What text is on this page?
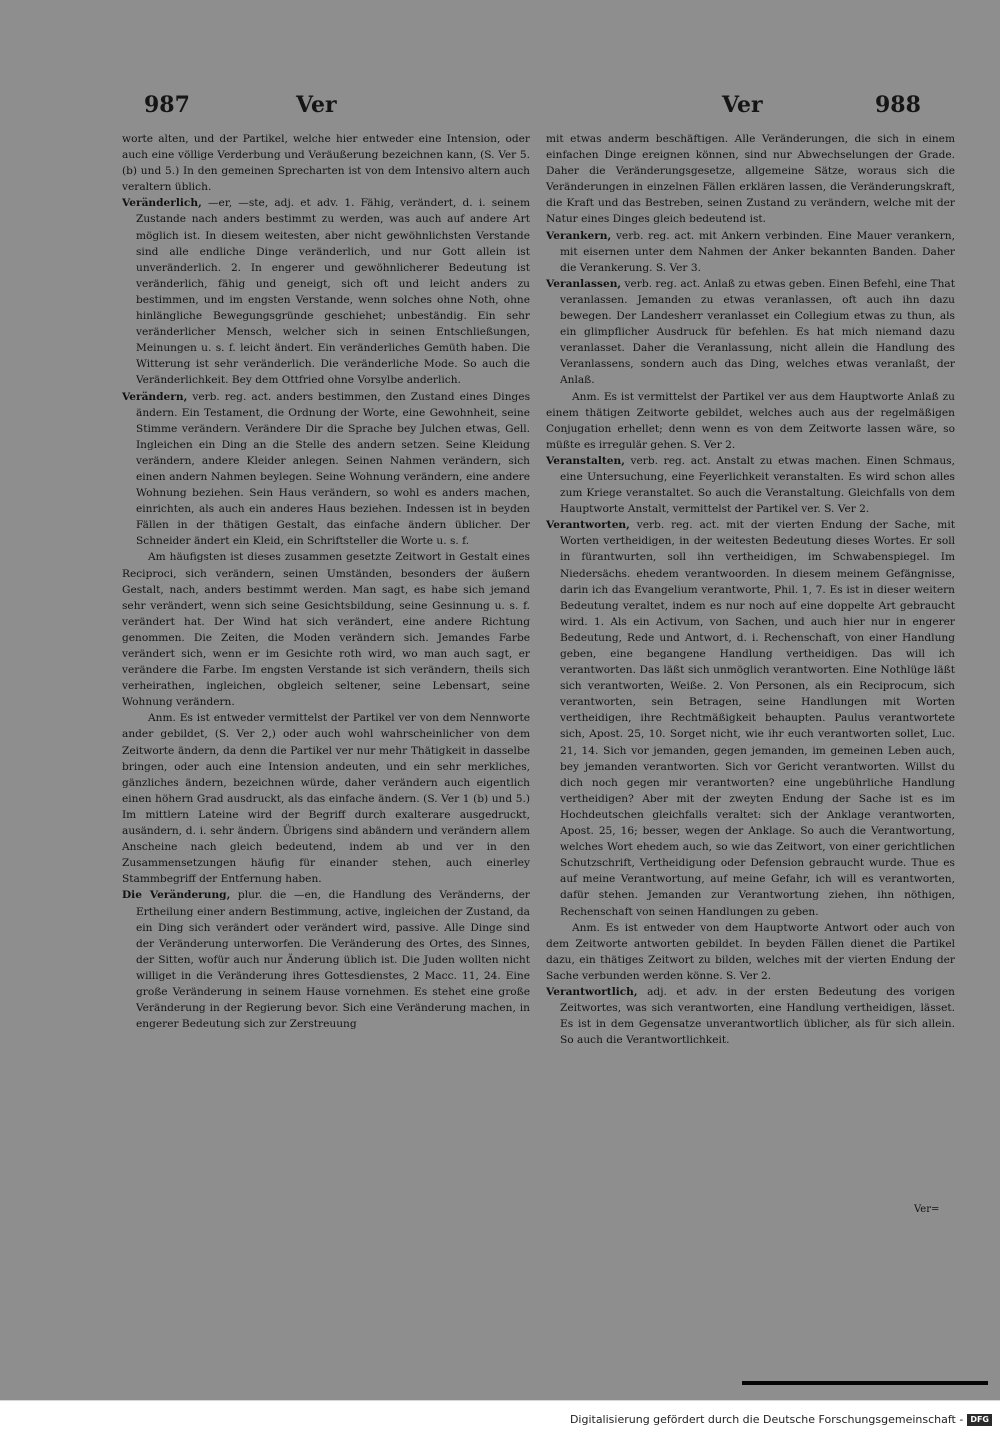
987	Ver	Ver	988

worte alten, und der Partikel, welche hier entweder eine Intension, oder auch eine völlige Verderbung und Veräußerung bezeichnen kann, (S. Ver 5. (b) und 5.) In den gemeinen Sprecharten ist von dem Intensivo altern auch veraltern üblich.

Veränderlich, —er, —ste, adj. et adv. 1. Fähig, verändert, d. i. seinem Zustande nach anders bestimmt zu werden, was auch auf andere Art möglich ist. In diesem weitesten, aber nicht gewöhnlichsten Verstande sind alle endliche Dinge veränderlich, und nur Gott allein ist unveränderlich. 2. In engerer und gewöhnlicherer Bedeutung ist veränderlich, fähig und geneigt, sich oft und leicht anders zu bestimmen, und im engsten Verstande, wenn solches ohne Noth, ohne hinlängliche Bewegungsgründe geschiehet; unbeständig. Ein sehr veränderlicher Mensch, welcher sich in seinen Entschließungen, Meinungen u. s. f. leicht ändert. Ein veränderliches Gemüth haben. Die Witterung ist sehr veränderlich. Die veränderliche Mode. So auch die Veränderlichkeit. Bey dem Ottfried ohne Vorsylbe anderlich.

Verändern, verb. reg. act. anders bestimmen, den Zustand eines Dinges ändern. Ein Testament, die Ordnung der Worte, eine Gewohnheit, seine Stimme verändern. Verändere Dir die Sprache bey Julchen etwas, Gell. Ingleichen ein Ding an die Stelle des andern setzen. Seine Kleidung verändern, andere Kleider anlegen. Seinen Nahmen verändern, sich einen andern Nahmen beylegen. Seine Wohnung verändern, eine andere Wohnung beziehen. Sein Haus verändern, so wohl es anders machen, einrichten, als auch ein anderes Haus beziehen. Indessen ist in beyden Fällen in der thätigen Gestalt, das einfache ändern üblicher. Der Schneider ändert ein Kleid, ein Schriftsteller die Worte u. s. f.

Am häufigsten ist dieses zusammen gesetzte Zeitwort in Gestalt eines Reciproci, sich verändern, seinen Umständen, besonders der äußern Gestalt, nach, anders bestimmt werden. Man sagt, es habe sich jemand sehr verändert, wenn sich seine Gesichtsbildung, seine Gesinnung u. s. f. verändert hat. Der Wind hat sich verändert, eine andere Richtung genommen. Die Zeiten, die Moden verändern sich. Jemandes Farbe verändert sich, wenn er im Gesichte roth wird, wo man auch sagt, er verändere die Farbe. Im engsten Verstande ist sich verändern, theils sich verheirathen, ingleichen, obgleich seltener, seine Lebensart, seine Wohnung verändern.

Anm. Es ist entweder vermittelst der Partikel ver von dem Nennworte ander gebildet, (S. Ver 2,) oder auch wohl wahrscheinlicher von dem Zeitworte ändern, da denn die Partikel ver nur mehr Thätigkeit in dasselbe bringen, oder auch eine Intension andeuten, und ein sehr merkliches, gänzliches ändern, bezeichnen würde, daher verändern auch eigentlich einen höhern Grad ausdruckt, als das einfache ändern. (S. Ver 1 (b) und 5.) Im mittlern Lateine wird der Begriff durch exalterare ausgedruckt, ausändern, d. i. sehr ändern. Übrigens sind abändern und verändern allem Anscheine nach gleich bedeutend, indem ab und ver in den Zusammensetzungen häufig für einander stehen, auch einerley Stammbegriff der Entfernung haben.

Die Veränderung, plur. die —en, die Handlung des Veränderns, der Ertheilung einer andern Bestimmung, active, ingleichen der Zustand, da ein Ding sich verändert oder verändert wird, passive. Alle Dinge sind der Veränderung unterworfen. Die Veränderung des Ortes, des Sinnes, der Sitten, wofür auch nur Änderung üblich ist. Die Juden wollten nicht williget in die Veränderung ihres Gottesdienstes, 2 Macc. 11, 24. Eine große Veränderung in seinem Hause vornehmen. Es stehet eine große Veränderung in der Regierung bevor. Sich eine Veränderung machen, in engerer Bedeutung sich zur Zerstreuung

mit etwas anderm beschäftigen. Alle Veränderungen, die sich in einem einfachen Dinge ereignen können, sind nur Abwechselungen der Grade. Daher die Veränderungsgesetze, allgemeine Sätze, woraus sich die Veränderungen in einzelnen Fällen erklären lassen, die Veränderungskraft, die Kraft und das Bestreben, seinen Zustand zu verändern, welche mit der Natur eines Dinges gleich bedeutend ist.

Verankern, verb. reg. act. mit Ankern verbinden. Eine Mauer verankern, mit eisernen unter dem Nahmen der Anker bekannten Banden. Daher die Verankerung. S. Ver 3.

Veranlassen, verb. reg. act. Anlaß zu etwas geben. Einen Befehl, eine That veranlassen. Jemanden zu etwas veranlassen, oft auch ihn dazu bewegen. Der Landesherr veranlasset ein Collegium etwas zu thun, als ein glimpflicher Ausdruck für befehlen. Es hat mich niemand dazu veranlasset. Daher die Veranlassung, nicht allein die Handlung des Veranlassens, sondern auch das Ding, welches etwas veranlaßt, der Anlaß.

Anm. Es ist vermittelst der Partikel ver aus dem Hauptworte Anlaß zu einem thätigen Zeitworte gebildet, welches auch aus der regelmäßigen Conjugation erhellet; denn wenn es von dem Zeitworte lassen wäre, so müßte es irregulär gehen. S. Ver 2.

Veranstalten, verb. reg. act. Anstalt zu etwas machen. Einen Schmaus, eine Untersuchung, eine Feyerlichkeit veranstalten. Es wird schon alles zum Kriege veranstaltet. So auch die Veranstaltung. Gleichfalls von dem Hauptworte Anstalt, vermittelst der Partikel ver. S. Ver 2.

Verantworten, verb. reg. act. mit der vierten Endung der Sache, mit Worten vertheidigen, in der weitesten Bedeutung dieses Wortes. Er soll in fürantwurten, soll ihn vertheidigen, im Schwabenspiegel. Im Niedersächs. ehedem verantwoorden. In diesem meinem Gefängnisse, darin ich das Evangelium verantworte, Phil. 1, 7. Es ist in dieser weitern Bedeutung veraltet, indem es nur noch auf eine doppelte Art gebraucht wird. 1. Als ein Activum, von Sachen, und auch hier nur in engerer Bedeutung, Rede und Antwort, d. i. Rechenschaft, von einer Handlung geben, eine begangene Handlung vertheidigen. Das will ich verantworten. Das läßt sich unmöglich verantworten. Eine Nothlüge läßt sich verantworten, Weiße. 2. Von Personen, als ein Reciprocum, sich verantworten, sein Betragen, seine Handlungen mit Worten vertheidigen, ihre Rechtmäßigkeit behaupten. Paulus verantwortete sich, Apost. 25, 10. Sorget nicht, wie ihr euch verantworten sollet, Luc. 21, 14. Sich vor jemanden, gegen jemanden, im gemeinen Leben auch, bey jemanden verantworten. Sich vor Gericht verantworten. Willst du dich noch gegen mir verantworten? eine ungebührliche Handlung vertheidigen? Aber mit der zweyten Endung der Sache ist es im Hochdeutschen gleichfalls veraltet: sich der Anklage verantworten, Apost. 25, 16; besser, wegen der Anklage. So auch die Verantwortung, welches Wort ehedem auch, so wie das Zeitwort, von einer gerichtlichen Schutzschrift, Vertheidigung oder Defension gebraucht wurde. Thue es auf meine Verantwortung, auf meine Gefahr, ich will es verantworten, dafür stehen. Jemanden zur Verantwortung ziehen, ihn nöthigen, Rechenschaft von seinen Handlungen zu geben.

Anm. Es ist entweder von dem Hauptworte Antwort oder auch von dem Zeitworte antworten gebildet. In beyden Fällen dienet die Partikel dazu, ein thätiges Zeitwort zu bilden, welches mit der vierten Endung der Sache verbunden werden könne. S. Ver 2.

Verantwortlich, adj. et adv. in der ersten Bedeutung des vorigen Zeitwortes, was sich verantworten, eine Handlung vertheidigen, lässet. Es ist in dem Gegensatze unverantwortlich üblicher, als für sich allein. So auch die Verantwortlichkeit.

Ver=
Digitalisierung gefördert durch die Deutsche Forschungsgemeinschaft - DFG
